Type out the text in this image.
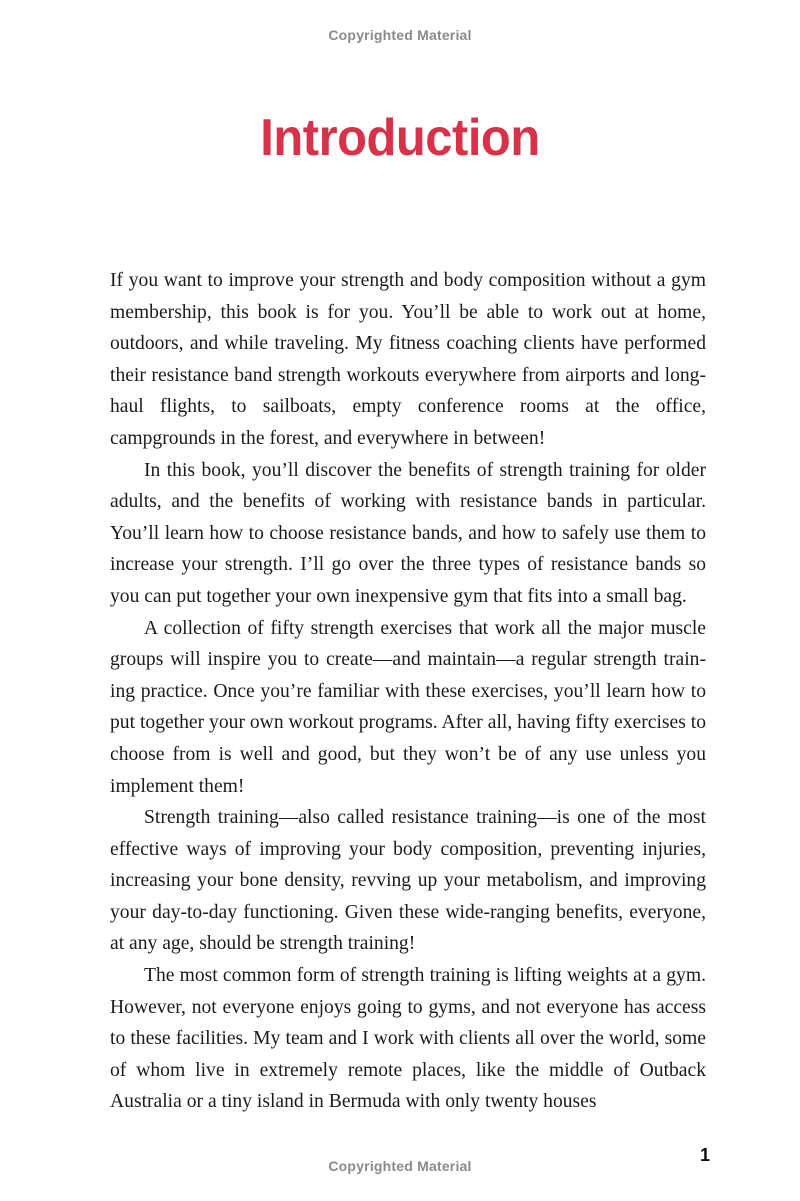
Copyrighted Material
Introduction

If you want to improve your strength and body composition without a gym membership, this book is for you. You’ll be able to work out at home, outdoors, and while traveling. My fitness coaching clients have performed their resistance band strength workouts everywhere from airports and long-haul flights, to sailboats, empty conference rooms at the office, campgrounds in the forest, and everywhere in between!

In this book, you’ll discover the benefits of strength training for older adults, and the benefits of working with resistance bands in particular. You’ll learn how to choose resistance bands, and how to safely use them to increase your strength. I’ll go over the three types of resistance bands so you can put together your own inexpensive gym that fits into a small bag.

A collection of fifty strength exercises that work all the major muscle groups will inspire you to create—and maintain—a regular strength training practice. Once you’re familiar with these exercises, you’ll learn how to put together your own workout programs. After all, having fifty exercises to choose from is well and good, but they won’t be of any use unless you implement them!

Strength training—also called resistance training—is one of the most effective ways of improving your body composition, preventing injuries, increasing your bone density, revving up your metabolism, and improving your day-to-day functioning. Given these wide-ranging benefits, everyone, at any age, should be strength training!

The most common form of strength training is lifting weights at a gym. However, not everyone enjoys going to gyms, and not everyone has access to these facilities. My team and I work with clients all over the world, some of whom live in extremely remote places, like the middle of Outback Australia or a tiny island in Bermuda with only twenty houses

1
Copyrighted Material
